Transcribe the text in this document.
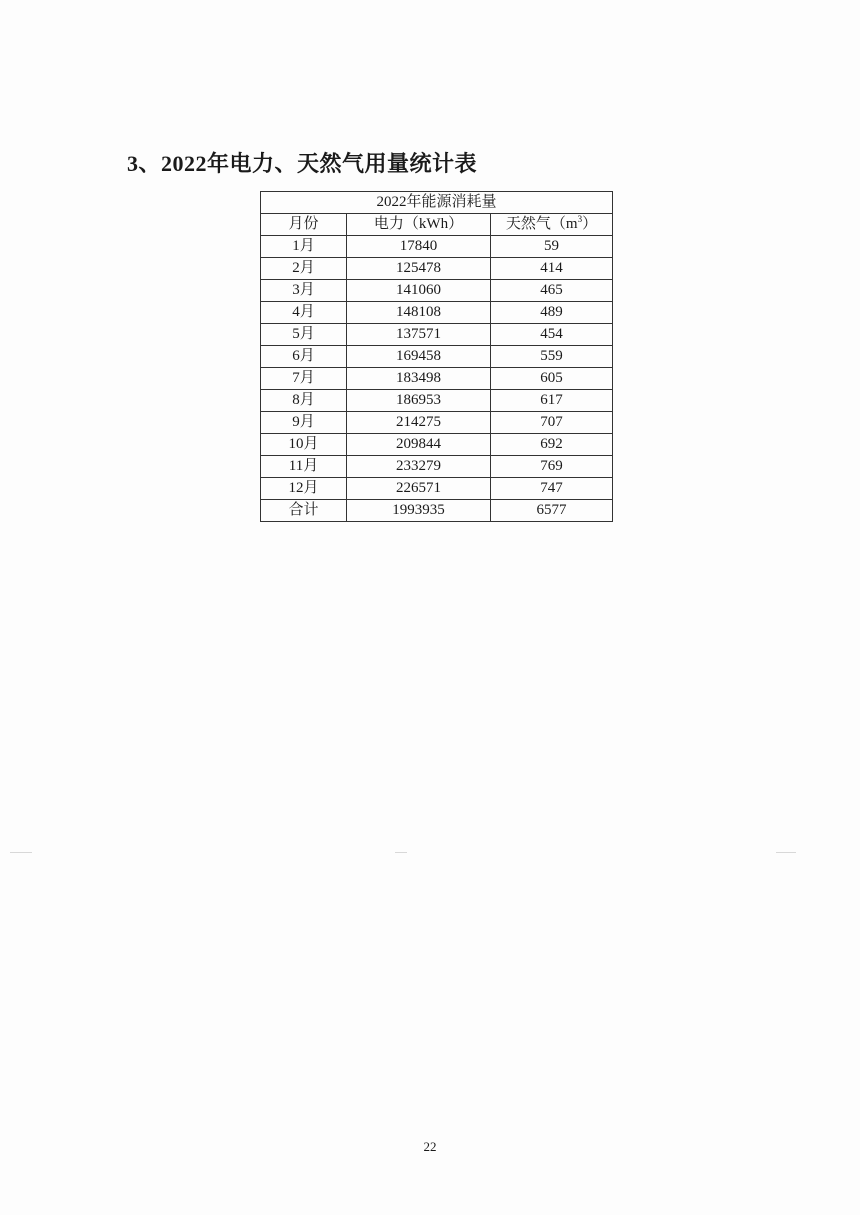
3、2022年电力、天然气用量统计表
2022年能源消耗量		
月份	电力（kWh）	天然气$(m^3)$
1月	17840	59
2月	125478	414
3月	141060	465
4月	148108	489
5月	137571	454
6月	169458	559
7月	183498	605
8月	186953	617
9月	214275	707
10月	209844	692
11月	233279	769
12月	226571	747
合计	1993935	6577
22
